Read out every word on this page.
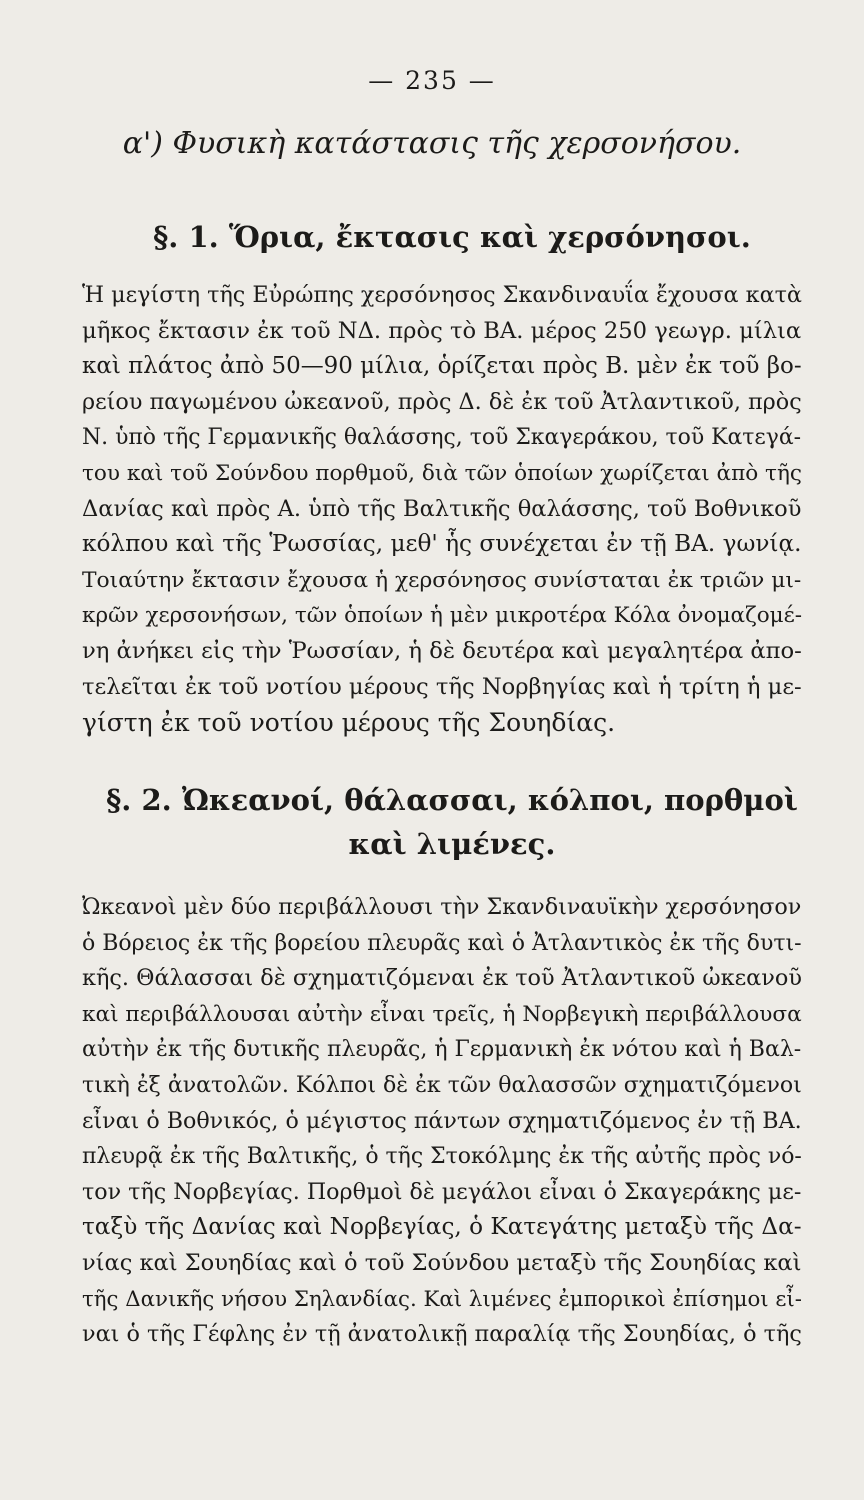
— 235 —
α') Φυσικὴ κατάστασις τῆς χερσονήσου.
§. 1. Ὅρια, ἔκτασις καὶ χερσόνησοι.
Ἡ μεγίστη τῆς Εὐρώπης χερσόνησος Σκανδιναυΐα ἔχουσα κατὰ
μῆκος ἔκτασιν ἐκ τοῦ ΝΔ. πρὸς τὸ ΒΑ. μέρος 250 γεωγρ. μίλια
καὶ πλάτος ἀπὸ 50—90 μίλια, ὁρίζεται πρὸς Β. μὲν ἐκ τοῦ βο-
ρείου παγωμένου ὠκεανοῦ, πρὸς Δ. δὲ ἐκ τοῦ Ἀτλαντικοῦ, πρὸς
Ν. ὑπὸ τῆς Γερμανικῆς θαλάσσης, τοῦ Σκαγεράκου, τοῦ Κατεγά-
του καὶ τοῦ Σούνδου πορθμοῦ, διὰ τῶν ὁποίων χωρίζεται ἀπὸ τῆς
Δανίας καὶ πρὸς Α. ὑπὸ τῆς Βαλτικῆς θαλάσσης, τοῦ Βοθνικοῦ
κόλπου καὶ τῆς Ῥωσσίας, μεθ' ἧς συνέχεται ἐν τῇ ΒΑ. γωνίᾳ.
Τοιαύτην ἔκτασιν ἔχουσα ἡ χερσόνησος συνίσταται ἐκ τριῶν μι-
κρῶν χερσονήσων, τῶν ὁποίων ἡ μὲν μικροτέρα Κόλα ὀνομαζομέ-
νη ἀνήκει εἰς τὴν Ῥωσσίαν, ἡ δὲ δευτέρα καὶ μεγαλητέρα ἀπο-
τελεῖται ἐκ τοῦ νοτίου μέρους τῆς Νορβηγίας καὶ ἡ τρίτη ἡ με-
γίστη ἐκ τοῦ νοτίου μέρους τῆς Σουηδίας.
§. 2. Ὠκεανοί, θάλασσαι, κόλποι, πορθμοὶ
καὶ λιμένες.
Ὠκεανοὶ μὲν δύο περιβάλλουσι τὴν Σκανδιναυϊκὴν χερσόνησον
ὁ Βόρειος ἐκ τῆς βορείου πλευρᾶς καὶ ὁ Ἀτλαντικὸς ἐκ τῆς δυτι-
κῆς. Θάλασσαι δὲ σχηματιζόμεναι ἐκ τοῦ Ἀτλαντικοῦ ὠκεανοῦ
καὶ περιβάλλουσαι αὐτὴν εἶναι τρεῖς, ἡ Νορβεγικὴ περιβάλλουσα
αὐτὴν ἐκ τῆς δυτικῆς πλευρᾶς, ἡ Γερμανικὴ ἐκ νότου καὶ ἡ Βαλ-
τικὴ ἐξ ἀνατολῶν. Κόλποι δὲ ἐκ τῶν θαλασσῶν σχηματιζόμενοι
εἶναι ὁ Βοθνικός, ὁ μέγιστος πάντων σχηματιζόμενος ἐν τῇ ΒΑ.
πλευρᾷ ἐκ τῆς Βαλτικῆς, ὁ τῆς Στοκόλμης ἐκ τῆς αὐτῆς πρὸς νό-
τον τῆς Νορβεγίας. Πορθμοὶ δὲ μεγάλοι εἶναι ὁ Σκαγεράκης με-
ταξὺ τῆς Δανίας καὶ Νορβεγίας, ὁ Κατεγάτης μεταξὺ τῆς Δα-
νίας καὶ Σουηδίας καὶ ὁ τοῦ Σούνδου μεταξὺ τῆς Σουηδίας καὶ
τῆς Δανικῆς νήσου Σηλανδίας. Καὶ λιμένες ἐμπορικοὶ ἐπίσημοι εἶ-
ναι ὁ τῆς Γέφλης ἐν τῇ ἀνατολικῇ παραλίᾳ τῆς Σουηδίας, ὁ τῆς
